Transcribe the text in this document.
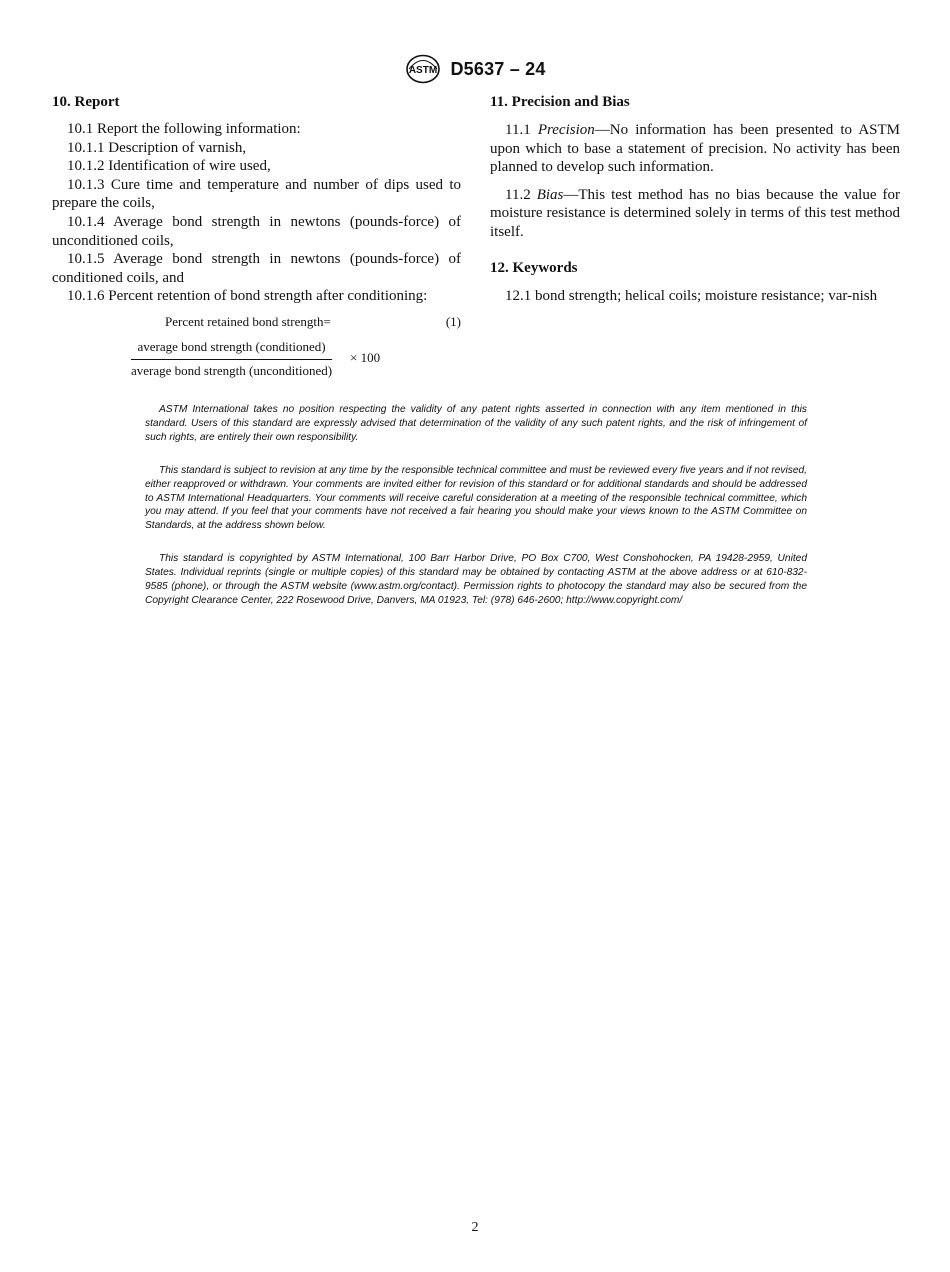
ASTM D5637 – 24
10. Report

10.1 Report the following information:

10.1.1 Description of varnish,

10.1.2 Identification of wire used,

10.1.3 Cure time and temperature and number of dips used to prepare the coils,

10.1.4 Average bond strength in newtons (pounds-force) of unconditioned coils,

10.1.5 Average bond strength in newtons (pounds-force) of conditioned coils, and

10.1.6 Percent retention of bond strength after conditioning:

Percent retained bond strength=	(1)
average bond strength (conditioned)
average bond strength (unconditioned)
× 100
11. Precision and Bias

11.1 Precision—No information has been presented to ASTM upon which to base a statement of precision. No activity has been planned to develop such information.

11.2 Bias—This test method has no bias because the value for moisture resistance is determined solely in terms of this test method itself.

12. Keywords

12.1 bond strength; helical coils; moisture resistance; var-nish

ASTM International takes no position respecting the validity of any patent rights asserted in connection with any item mentioned in this standard. Users of this standard are expressly advised that determination of the validity of any such patent rights, and the risk of infringement of such rights, are entirely their own responsibility.

This standard is subject to revision at any time by the responsible technical committee and must be reviewed every five years and if not revised, either reapproved or withdrawn. Your comments are invited either for revision of this standard or for additional standards and should be addressed to ASTM International Headquarters. Your comments will receive careful consideration at a meeting of the responsible technical committee, which you may attend. If you feel that your comments have not received a fair hearing you should make your views known to the ASTM Committee on Standards, at the address shown below.

This standard is copyrighted by ASTM International, 100 Barr Harbor Drive, PO Box C700, West Conshohocken, PA 19428-2959, United States. Individual reprints (single or multiple copies) of this standard may be obtained by contacting ASTM at the above address or at 610-832-9585 (phone), or through the ASTM website (www.astm.org/contact). Permission rights to photocopy the standard may also be secured from the Copyright Clearance Center, 222 Rosewood Drive, Danvers, MA 01923, Tel: (978) 646-2600; http://www.copyright.com/

2
